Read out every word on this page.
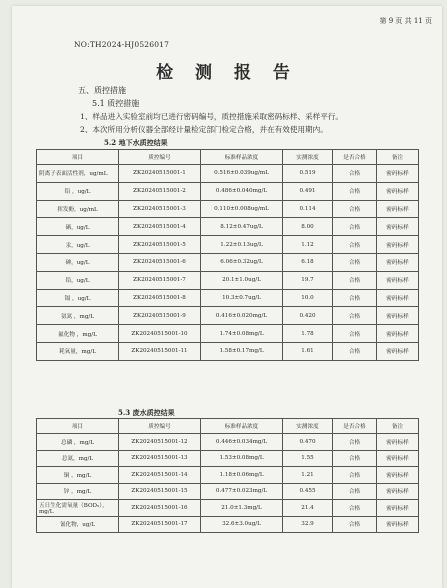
第 9 页 共 11 页
NO:TH2024-HJ0526017
检 测 报 告
五、质控措施
5.1 质控措施
1、样品进入实验室前均已进行密码编号，质控措施采取密码标样、采样平行。
2、本次所用分析仪器全部经计量检定部门检定合格，并在有效使用期内。
5.2 地下水质控结果
项目	质控编号	标准样品浓度	实测浓度	是否合格	备注
阴离子表面活性剂，ug/mL	ZK20240515001-1	0.516±0.039ug/mL	0.519	合格	密码标样
铅 ，ug/L	ZK20240515001-2	0.486±0.040mg/L	0.491	合格	密码标样
挥发酚，ug/mL	ZK20240515001-3	0.110±0.008ug/mL	0.114	合格	密码标样
硒，ug/L	ZK20240515001-4	8.12±0.47ug/L	8.00	合格	密码标样
汞，ug/L	ZK20240515001-5	1.22±0.13ug/L	1.12	合格	密码标样
砷，ug/L	ZK20240515001-6	6.06±0.32ug/L	6.18	合格	密码标样
铅，ug/L	ZK20240515001-7	20.1±1.0ug/L	19.7	合格	密码标样
镉 ，ug/L	ZK20240515001-8	10.3±0.7ug/L	10.0	合格	密码标样
氨氮 ，mg/L	ZK20240515001-9	0.416±0.020mg/L	0.420	合格	密码标样
氟化物 ，mg/L	ZK20240515001-10	1.74±0.08mg/L	1.78	合格	密码标样
耗氧量，mg/L	ZK20240515001-11	1.58±0.17mg/L	1.61	合格	密码标样
5.3 废水质控结果
项目	质控编号	标准样品浓度	实测浓度	是否合格	备注
总磷 ，mg/L	ZK20240515001-12	0.446±0.034mg/L	0.470	合格	密码标样
总氮，mg/L	ZK20240515001-13	1.53±0.08mg/L	1.55	合格	密码标样
铜 ，mg/L	ZK20240515001-14	1.18±0.06mg/L	1.21	合格	密码标样
锌 ，mg/L	ZK20240515001-15	0.477±0.023mg/L	0.455	合格	密码标样
五日生化需氧量（BOD₅），mg/L	ZK20240515001-16	21.0±1.3mg/L	21.4	合格	密码标样
氰化物，ug/L	ZK20240515001-17	32.6±3.0ug/L	32.9	合格	密码标样
